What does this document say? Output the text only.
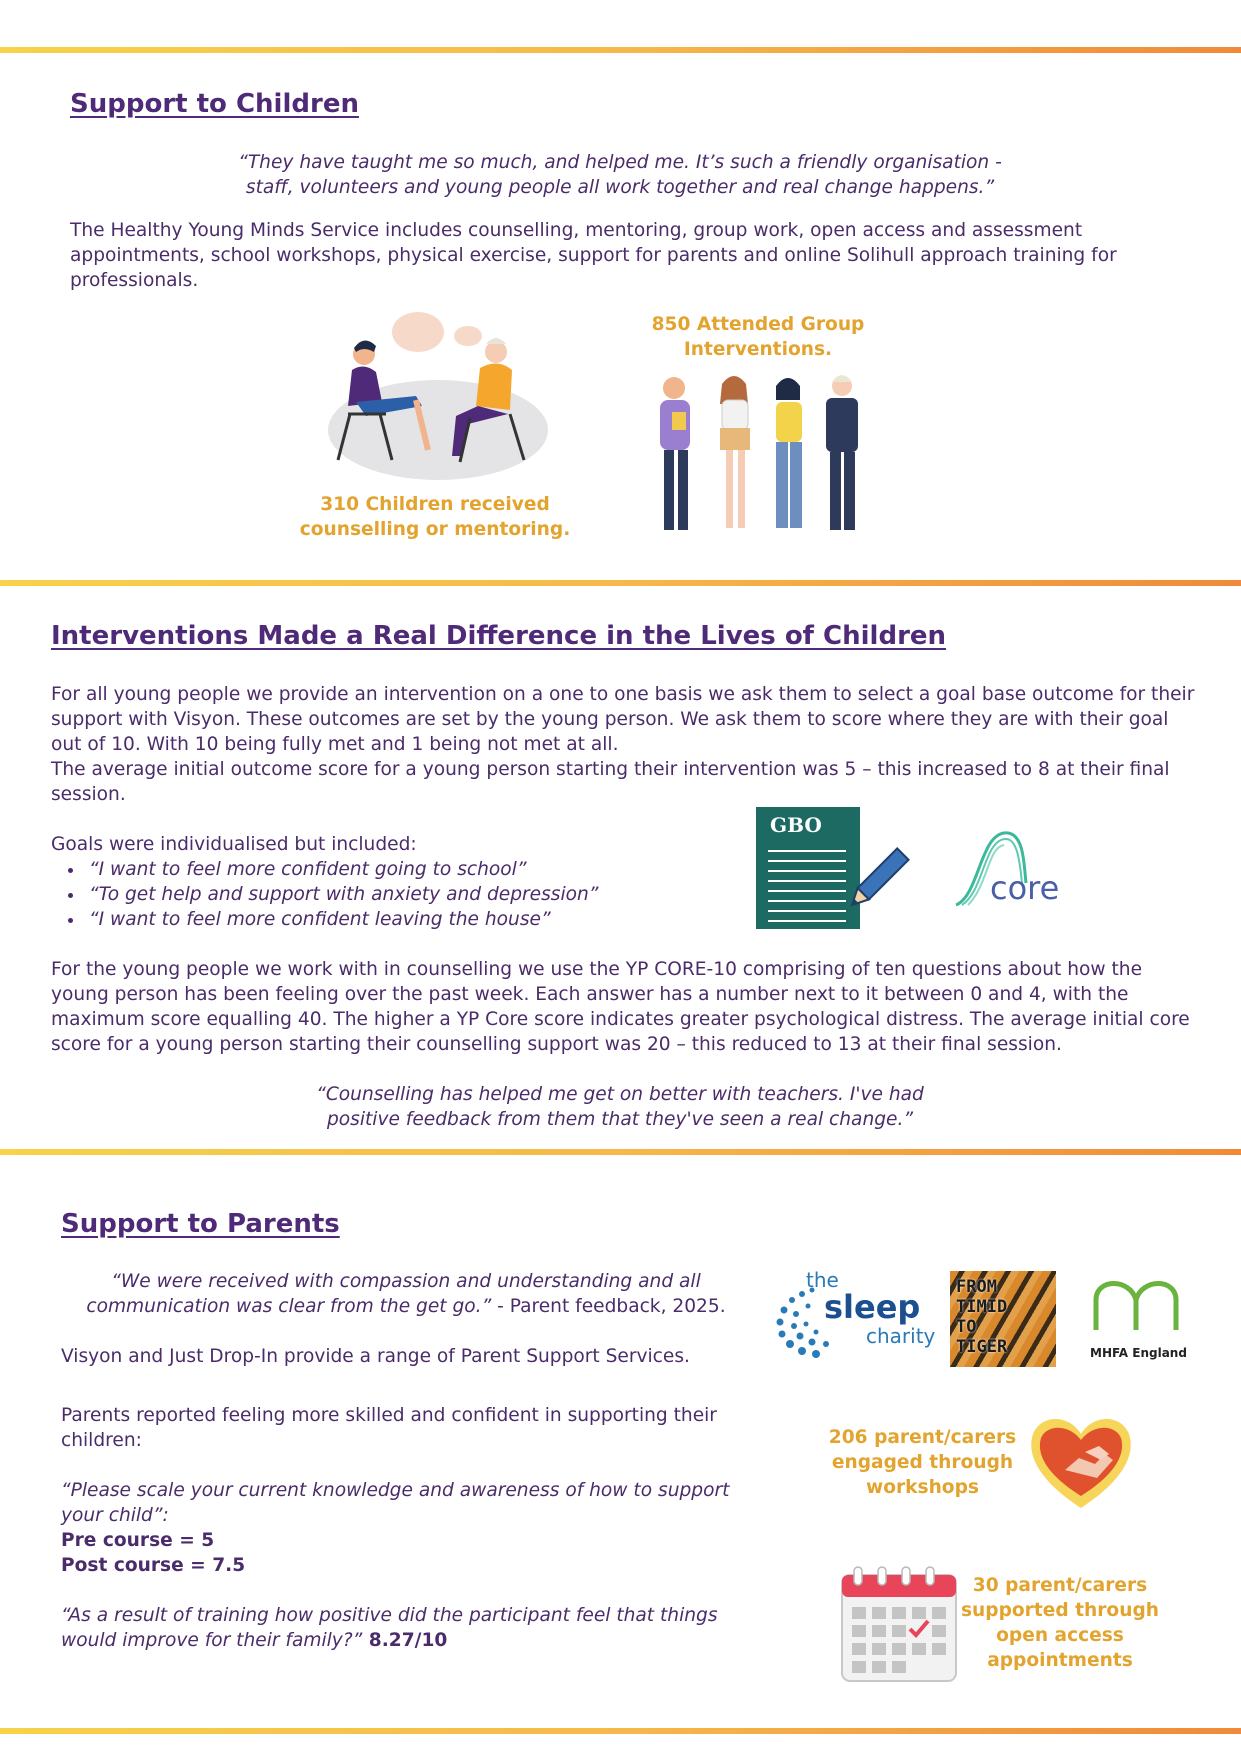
Support to Children
“They have taught me so much, and helped me. It’s such a friendly organisation -
staff, volunteers and young people all work together and real change happens.”

The Healthy Young Minds Service includes counselling, mentoring, group work, open access and assessment appointments, school workshops, physical exercise, support for parents and online Solihull approach training for professionals.

310 Children received
counselling or mentoring.
850 Attended Group
Interventions.
Interventions Made a Real Difference in the Lives of Children

For all young people we provide an intervention on a one to one basis we ask them to select a goal base outcome for their support with Visyon. These outcomes are set by the young person. We ask them to score where they are with their goal out of 10. With 10 being fully met and 1 being not met at all.

The average initial outcome score for a young person starting their intervention was 5 – this increased to 8 at their final session.

Goals were individualised but included:

• “I want to feel more confident going to school”
• “To get help and support with anxiety and depression”
• “I want to feel more confident leaving the house”
GBO
core

For the young people we work with in counselling we use the YP CORE-10 comprising of ten questions about how the young person has been feeling over the past week. Each answer has a number next to it between 0 and 4, with the maximum score equalling 40. The higher a YP Core score indicates greater psychological distress. The average initial core score for a young person starting their counselling support was 20 – this reduced to 13 at their final session.

“Counselling has helped me get on better with teachers. I've had
positive feedback from them that they've seen a real change.”
Support to Parents
“We were received with compassion and understanding and all
communication was clear from the get go.” - Parent feedback, 2025.

Visyon and Just Drop-In provide a range of Parent Support Services.

Parents reported feeling more skilled and confident in supporting their
children:
“Please scale your current knowledge and awareness of how to support
your child”:
Pre course = 5
Post course = 7.5
“As a result of training how positive did the participant feel that things
would improve for their family?” 8.27/10
the
sleep
charity
FROM
TIMID
TO
TIGER	MHFA England
206 parent/carers
engaged through
workshops
30 parent/carers
supported through
open access
appointments
